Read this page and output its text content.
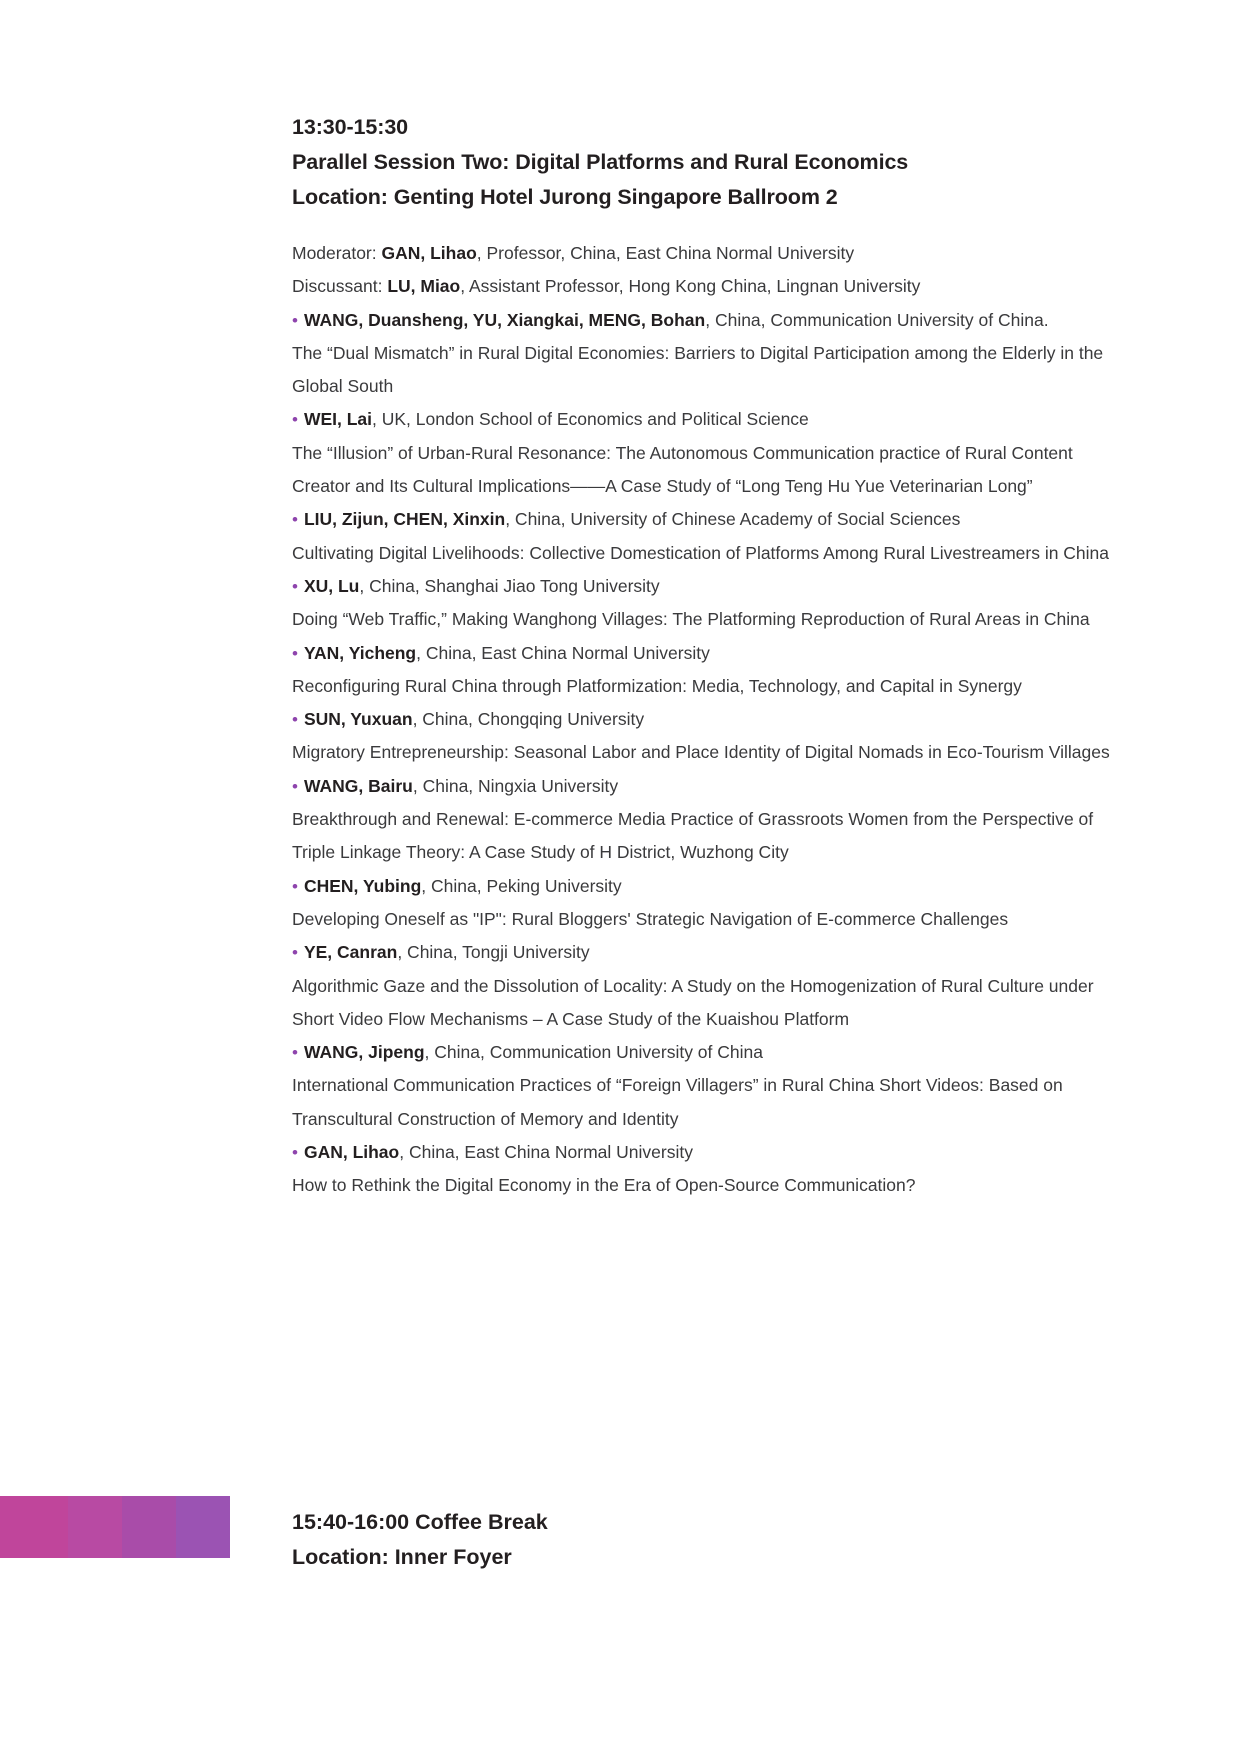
13:30-15:30
Parallel Session Two: Digital Platforms and Rural Economics
Location: Genting Hotel Jurong Singapore Ballroom 2
Moderator: GAN, Lihao, Professor, China, East China Normal University
Discussant: LU, Miao, Assistant Professor, Hong Kong China, Lingnan University
• WANG, Duansheng, YU, Xiangkai, MENG, Bohan, China, Communication University of China.
The “Dual Mismatch” in Rural Digital Economies: Barriers to Digital Participation among the Elderly in the Global South
• WEI, Lai, UK, London School of Economics and Political Science
The “Illusion” of Urban-Rural Resonance: The Autonomous Communication practice of Rural Content Creator and Its Cultural Implications——A Case Study of “Long Teng Hu Yue Veterinarian Long”
• LIU, Zijun, CHEN, Xinxin, China, University of Chinese Academy of Social Sciences
Cultivating Digital Livelihoods: Collective Domestication of Platforms Among Rural Livestreamers in China
• XU, Lu, China, Shanghai Jiao Tong University
Doing “Web Traffic,” Making Wanghong Villages: The Platforming Reproduction of Rural Areas in China
• YAN, Yicheng, China, East China Normal University
Reconfiguring Rural China through Platformization: Media, Technology, and Capital in Synergy
• SUN, Yuxuan, China, Chongqing University
Migratory Entrepreneurship: Seasonal Labor and Place Identity of Digital Nomads in Eco-Tourism Villages
• WANG, Bairu, China, Ningxia University
Breakthrough and Renewal: E-commerce Media Practice of Grassroots Women from the Perspective of Triple Linkage Theory: A Case Study of H District, Wuzhong City
• CHEN, Yubing, China, Peking University
Developing Oneself as "IP": Rural Bloggers' Strategic Navigation of E-commerce Challenges
• YE, Canran, China, Tongji University
Algorithmic Gaze and the Dissolution of Locality: A Study on the Homogenization of Rural Culture under Short Video Flow Mechanisms – A Case Study of the Kuaishou Platform
• WANG, Jipeng, China, Communication University of China
International Communication Practices of “Foreign Villagers” in Rural China Short Videos: Based on Transcultural Construction of Memory and Identity
• GAN, Lihao, China, East China Normal University
How to Rethink the Digital Economy in the Era of Open-Source Communication?
15:40-16:00 Coffee Break
Location: Inner Foyer
